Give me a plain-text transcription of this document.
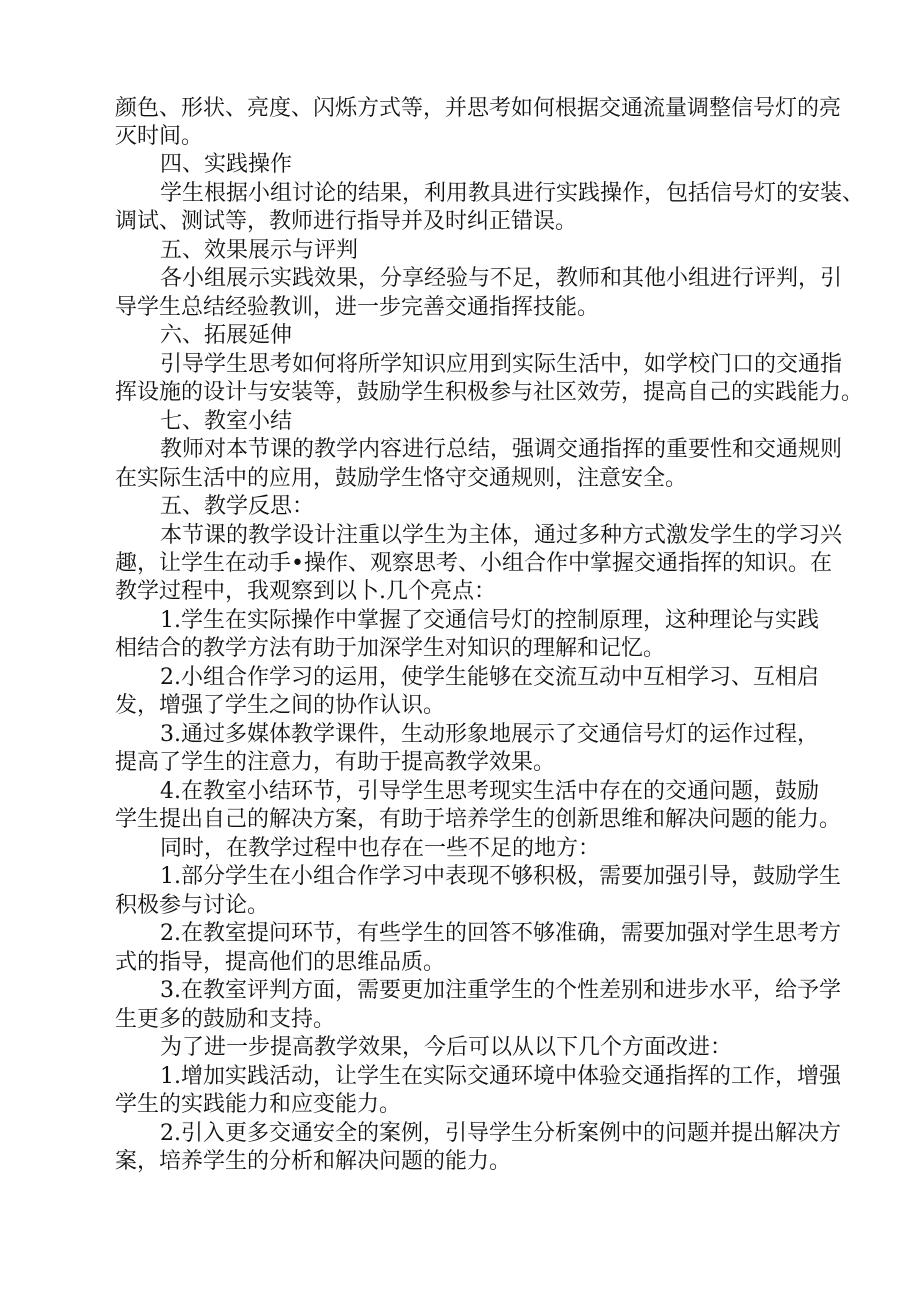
颜色、形状、亮度、闪烁方式等，并思考如何根据交通流量调整信号灯的亮
灭时间。
四、实践操作
学生根据小组讨论的结果，利用教具进行实践操作，包括信号灯的安装、
调试、测试等，教师进行指导并及时纠正错误。
五、效果展示与评判
各小组展示实践效果，分享经验与不足，教师和其他小组进行评判，引
导学生总结经验教训，进一步完善交通指挥技能。
六、拓展延伸
引导学生思考如何将所学知识应用到实际生活中，如学校门口的交通指
挥设施的设计与安装等，鼓励学生积极参与社区效劳，提高自己的实践能力。
七、教室小结
教师对本节课的教学内容进行总结，强调交通指挥的重要性和交通规则
在实际生活中的应用，鼓励学生恪守交通规则，注意安全。
五、教学反思：
本节课的教学设计注重以学生为主体，通过多种方式激发学生的学习兴
趣，让学生在动手•操作、观察思考、小组合作中掌握交通指挥的知识。在
教学过程中，我观察到以卜.几个亮点：
1.学生在实际操作中掌握了交通信号灯的控制原理，这种理论与实践
相结合的教学方法有助于加深学生对知识的理解和记忆。
2.小组合作学习的运用，使学生能够在交流互动中互相学习、互相启
发，增强了学生之间的协作认识。
3.通过多媒体教学课件，生动形象地展示了交通信号灯的运作过程，
提高了学生的注意力，有助于提高教学效果。
4.在教室小结环节，引导学生思考现实生活中存在的交通问题，鼓励
学生提出自己的解决方案，有助于培养学生的创新思维和解决问题的能力。
同时，在教学过程中也存在一些不足的地方：
1.部分学生在小组合作学习中表现不够积极，需要加强引导，鼓励学生
积极参与讨论。
2.在教室提问环节，有些学生的回答不够准确，需要加强对学生思考方
式的指导，提高他们的思维品质。
3.在教室评判方面，需要更加注重学生的个性差别和进步水平，给予学
生更多的鼓励和支持。
为了进一步提高教学效果，今后可以从以下几个方面改进：
1.增加实践活动，让学生在实际交通环境中体验交通指挥的工作，增强
学生的实践能力和应变能力。
2.引入更多交通安全的案例，引导学生分析案例中的问题并提出解决方
案，培养学生的分析和解决问题的能力。
